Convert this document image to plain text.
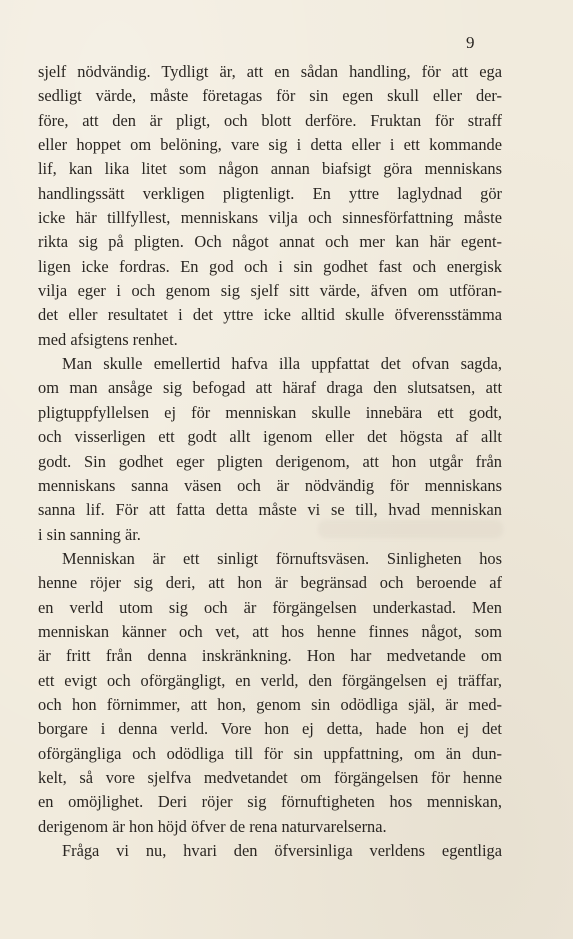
9
sjelf nödvändig. Tydligt är, att en sådan handling, för att ega
sedligt värde, måste företagas för sin egen skull eller der-
före, att den är pligt, och blott derföre. Fruktan för straff
eller hoppet om belöning, vare sig i detta eller i ett kommande
lif, kan lika litet som någon annan biafsigt göra menniskans
handlingssätt verkligen pligtenligt. En yttre laglydnad gör
icke här tillfyllest, menniskans vilja och sinnesförfattning måste
rikta sig på pligten. Och något annat och mer kan här egent-
ligen icke fordras. En god och i sin godhet fast och energisk
vilja eger i och genom sig sjelf sitt värde, äfven om utföran-
det eller resultatet i det yttre icke alltid skulle öfverensstämma
med afsigtens renhet.
Man skulle emellertid hafva illa uppfattat det ofvan sagda,
om man ansåge sig befogad att häraf draga den slutsatsen, att
pligtuppfyllelsen ej för menniskan skulle innebära ett godt,
och visserligen ett godt allt igenom eller det högsta af allt
godt. Sin godhet eger pligten derigenom, att hon utgår från
menniskans sanna väsen och är nödvändig för menniskans
sanna lif. För att fatta detta måste vi se till, hvad menniskan
i sin sanning är.
Menniskan är ett sinligt förnuftsväsen. Sinligheten hos
henne röjer sig deri, att hon är begränsad och beroende af
en verld utom sig och är förgängelsen underkastad. Men
menniskan känner och vet, att hos henne finnes något, som
är fritt från denna inskränkning. Hon har medvetande om
ett evigt och oförgängligt, en verld, den förgängelsen ej träffar,
och hon förnimmer, att hon, genom sin odödliga själ, är med-
borgare i denna verld. Vore hon ej detta, hade hon ej det
oförgängliga och odödliga till för sin uppfattning, om än dun-
kelt, så vore sjelfva medvetandet om förgängelsen för henne
en omöjlighet. Deri röjer sig förnuftigheten hos menniskan,
derigenom är hon höjd öfver de rena naturvarelserna.
Fråga vi nu, hvari den öfversinliga verldens egentliga
